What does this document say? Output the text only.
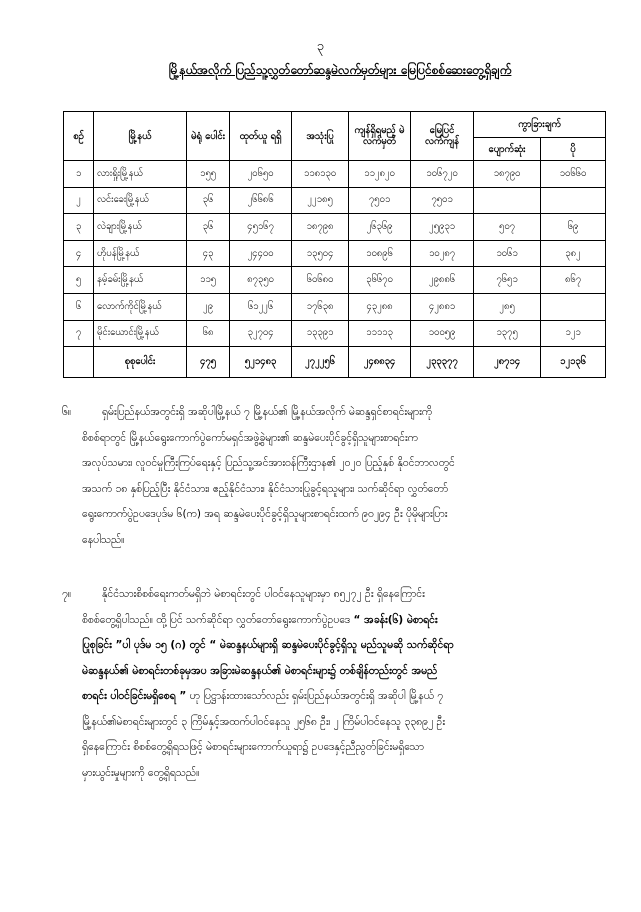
၃
မြို့နယ်အလိုက် ပြည်သူ့လွှတ်တော်ဆန္ဒမဲလက်မှတ်များ မြေပြင်စစ်ဆေးတွေ့ရှိချက်
စဉ်	မြို့နယ်	မဲရုံ ပေါင်း	ထုတ်ယူ ရရှိ	အသုံးပြု	ကျန်ရှိရမည့် မဲလက်မှတ်	မြေပြင် လက်ကျန်	ကွာခြားချက်	
							ပျောက်ဆုံး	ပို
၁	လားရှိုးမြို့နယ်	၁၅၅	၂၀၆၅၀	၁၁၈၁၃၀	၁၁၂၈၂၀	၁၀၆၇၂၀	၁၈၇၉၀	၁၀၆၆၀
၂	လင်းခေးမြို့နယ်	၃၆	၂၆၆၈၆	၂၂၁၈၅	၇၅၀၁	၇၅၀၁		
၃	လဲချားမြို့နယ်	၃၆	၄၅၁၆၇	၁၈၇၉၈	၂၆၃၆၉	၂၅၉၃၁	၅၀၇	၆၉
၄	ဟိုပန်မြို့နယ်	၄၃	၂၄၄၀၀	၁၃၅၀၄	၁၀၈၉၆	၁၀၂၈၇	၁၀၆၁	၃၈၂
၅	နမ့်ခမ်းမြို့နယ်	၁၁၅	၈၇၃၅၀	၆၀၆၈၀	၃၆၆၇၀	၂၉၈၈၆	၇၆၅၁	၈၆၇
၆	လောက်ကိုင်မြို့နယ်	၂၉	၆၁၂၂၆	၁၇၆၃၈	၄၃၂၈၈	၄၂၈၈၁	၂၈၅	
၇	မိုင်းယောင်းမြို့နယ်	၆၈	၃၂၇၀၄	၁၃၃၉၁	၁၁၁၁၃	၁၀၀၅၉	၁၃၇၅	၁၂၁
	စုစုပေါင်း	၄၇၅	၅၂၁၄၈၃	၂၇၂၂၅၆	၂၄၈၈၃၄	၂၃၃၃၇၇	၂၈၇၁၄	၁၂၁၃၆
၆။	ရှမ်းပြည်နယ်အတွင်းရှိ အဆိုပါမြို့နယ် ၇ မြို့နယ်၏ မြို့နယ်အလိုက် မဲဆန္ဒရှင်စာရင်းများကို
စိစစ်ရာတွင် မြို့နယ်ရွေးကောက်ပွဲကော်မရှင်အဖွဲ့ခွဲများ၏ ဆန္ဒမဲပေးပိုင်ခွင့်ရှိသူများစာရင်းက
အလုပ်သမား၊ လူဝင်မှုကြီးကြပ်ရေးနှင့် ပြည်သူ့အင်အားဝန်ကြီးဌာန၏ ၂၀၂၀ ပြည့်နှစ် နိုဝင်ဘာလတွင်
အသက် ၁၈ နှစ်ပြည့်ပြီး နိုင်ငံသား၊ ဧည့်နိုင်ငံသား၊ နိုင်ငံသားပြုခွင့်ရသူများ၊ သက်ဆိုင်ရာ လွှတ်တော်
ရွေးကောက်ပွဲဥပဒေပုဒ်မ ၆(က) အရ ဆန္ဒမဲပေးပိုင်ခွင့်ရှိသူများစာရင်းထက် ၉၀၂၉၄ ဦး ပိုမိုများပြား
နေပါသည်။
၇။	နိုင်ငံသားစိစစ်ရေးကတ်မရှိဘဲ မဲစာရင်းတွင် ပါဝင်နေသူများမှာ ၈၅၂၇၂ ဦး ရှိနေကြောင်း
စိစစ်တွေ့ရှိပါသည်။ ထို့ပြင် သက်ဆိုင်ရာ လွှတ်တော်ရွေးကောက်ပွဲဥပဒေ “ အခန်း(၆) မဲစာရင်း
ပြုစုခြင်း ”ပါ ပုဒ်မ ၁၅ (ဂ) တွင် “ မဲဆန္ဒနယ်များရှိ ဆန္ဒမဲပေးပိုင်ခွင့်ရှိသူ မည်သူမဆို သက်ဆိုင်ရာ
မဲဆန္ဒနယ်၏ မဲစာရင်းတစ်ခုမှအပ အခြားမဲဆန္ဒနယ်၏ မဲစာရင်းများ၌ တစ်ချိန်တည်းတွင် အမည်
စာရင်း ပါဝင်ခြင်းမရှိစေရ ” ဟု ပြဋ္ဌာန်းထားသော်လည်း ရှမ်းပြည်နယ်အတွင်းရှိ အဆိုပါ မြို့နယ် ၇
မြို့နယ်၏မဲစာရင်းများတွင် ၃ ကြိမ်နှင့်အထက်ပါဝင်နေသူ ၂၅၆၈ ဦး၊ ၂ ကြိမ်ပါဝင်နေသူ ၃၃၈၉၂ ဦး
ရှိနေကြောင်း စိစစ်တွေ့ရှိရသဖြင့် မဲစာရင်းများကောက်ယူရာ၌ ဥပဒေနှင့်ညီညွတ်ခြင်းမရှိသော
မှားယွင်းမှုများကို တွေ့ရှိရသည်။
